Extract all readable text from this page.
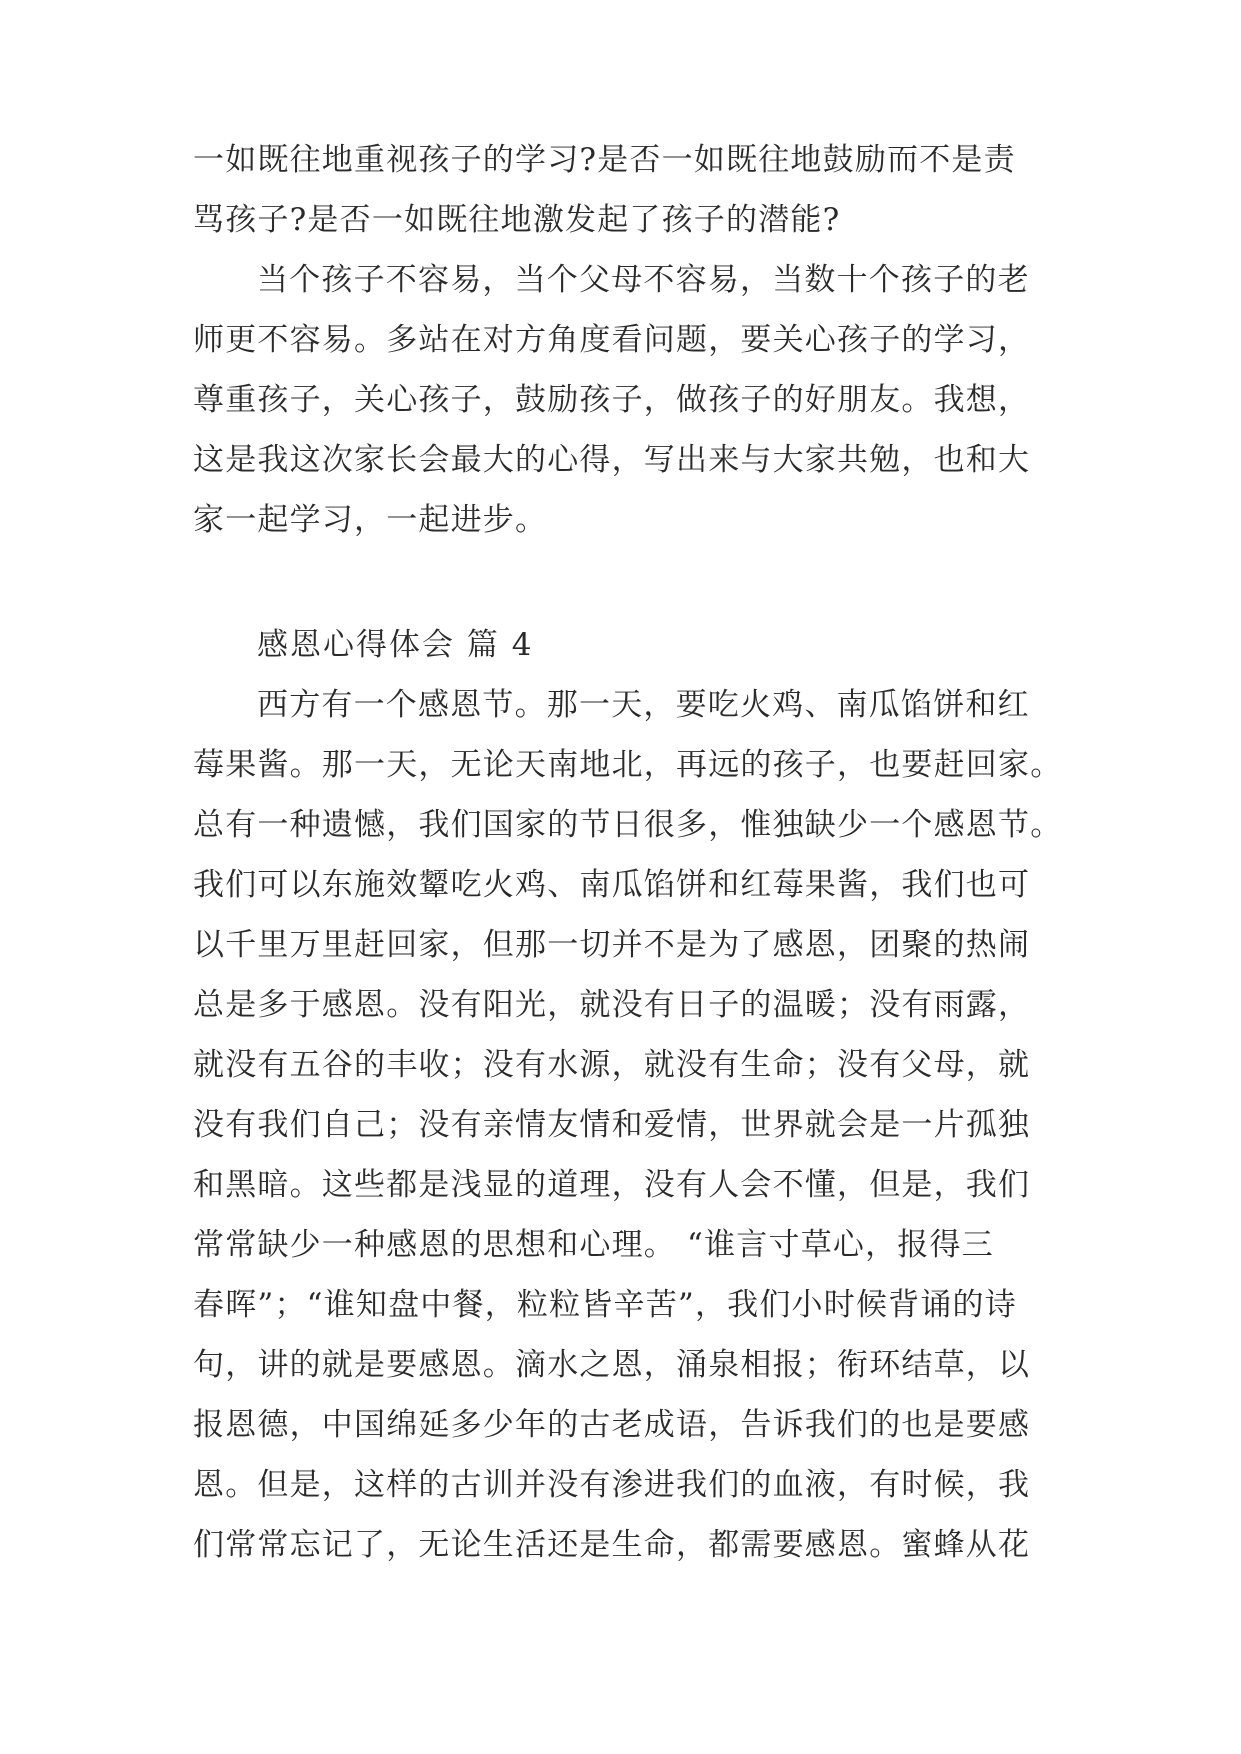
一如既往地重视孩子的学习?是否一如既往地鼓励而不是责
骂孩子?是否一如既往地激发起了孩子的潜能?
当个孩子不容易，当个父母不容易，当数十个孩子的老
师更不容易。多站在对方角度看问题，要关心孩子的学习，
尊重孩子，关心孩子，鼓励孩子，做孩子的好朋友。我想，
这是我这次家长会最大的心得，写出来与大家共勉，也和大
家一起学习，一起进步。
感恩心得体会 篇 4
西方有一个感恩节。那一天，要吃火鸡、南瓜馅饼和红
莓果酱。那一天，无论天南地北，再远的孩子，也要赶回家。
总有一种遗憾，我们国家的节日很多，惟独缺少一个感恩节。
我们可以东施效颦吃火鸡、南瓜馅饼和红莓果酱，我们也可
以千里万里赶回家，但那一切并不是为了感恩，团聚的热闹
总是多于感恩。没有阳光，就没有日子的温暖；没有雨露，
就没有五谷的丰收；没有水源，就没有生命；没有父母，就
没有我们自己；没有亲情友情和爱情，世界就会是一片孤独
和黑暗。这些都是浅显的道理，没有人会不懂，但是，我们
常常缺少一种感恩的思想和心理。 “谁言寸草心，报得三
春晖”；“谁知盘中餐，粒粒皆辛苦”，我们小时候背诵的诗
句，讲的就是要感恩。滴水之恩，涌泉相报；衔环结草，以
报恩德，中国绵延多少年的古老成语，告诉我们的也是要感
恩。但是，这样的古训并没有渗进我们的血液，有时候，我
们常常忘记了，无论生活还是生命，都需要感恩。蜜蜂从花
